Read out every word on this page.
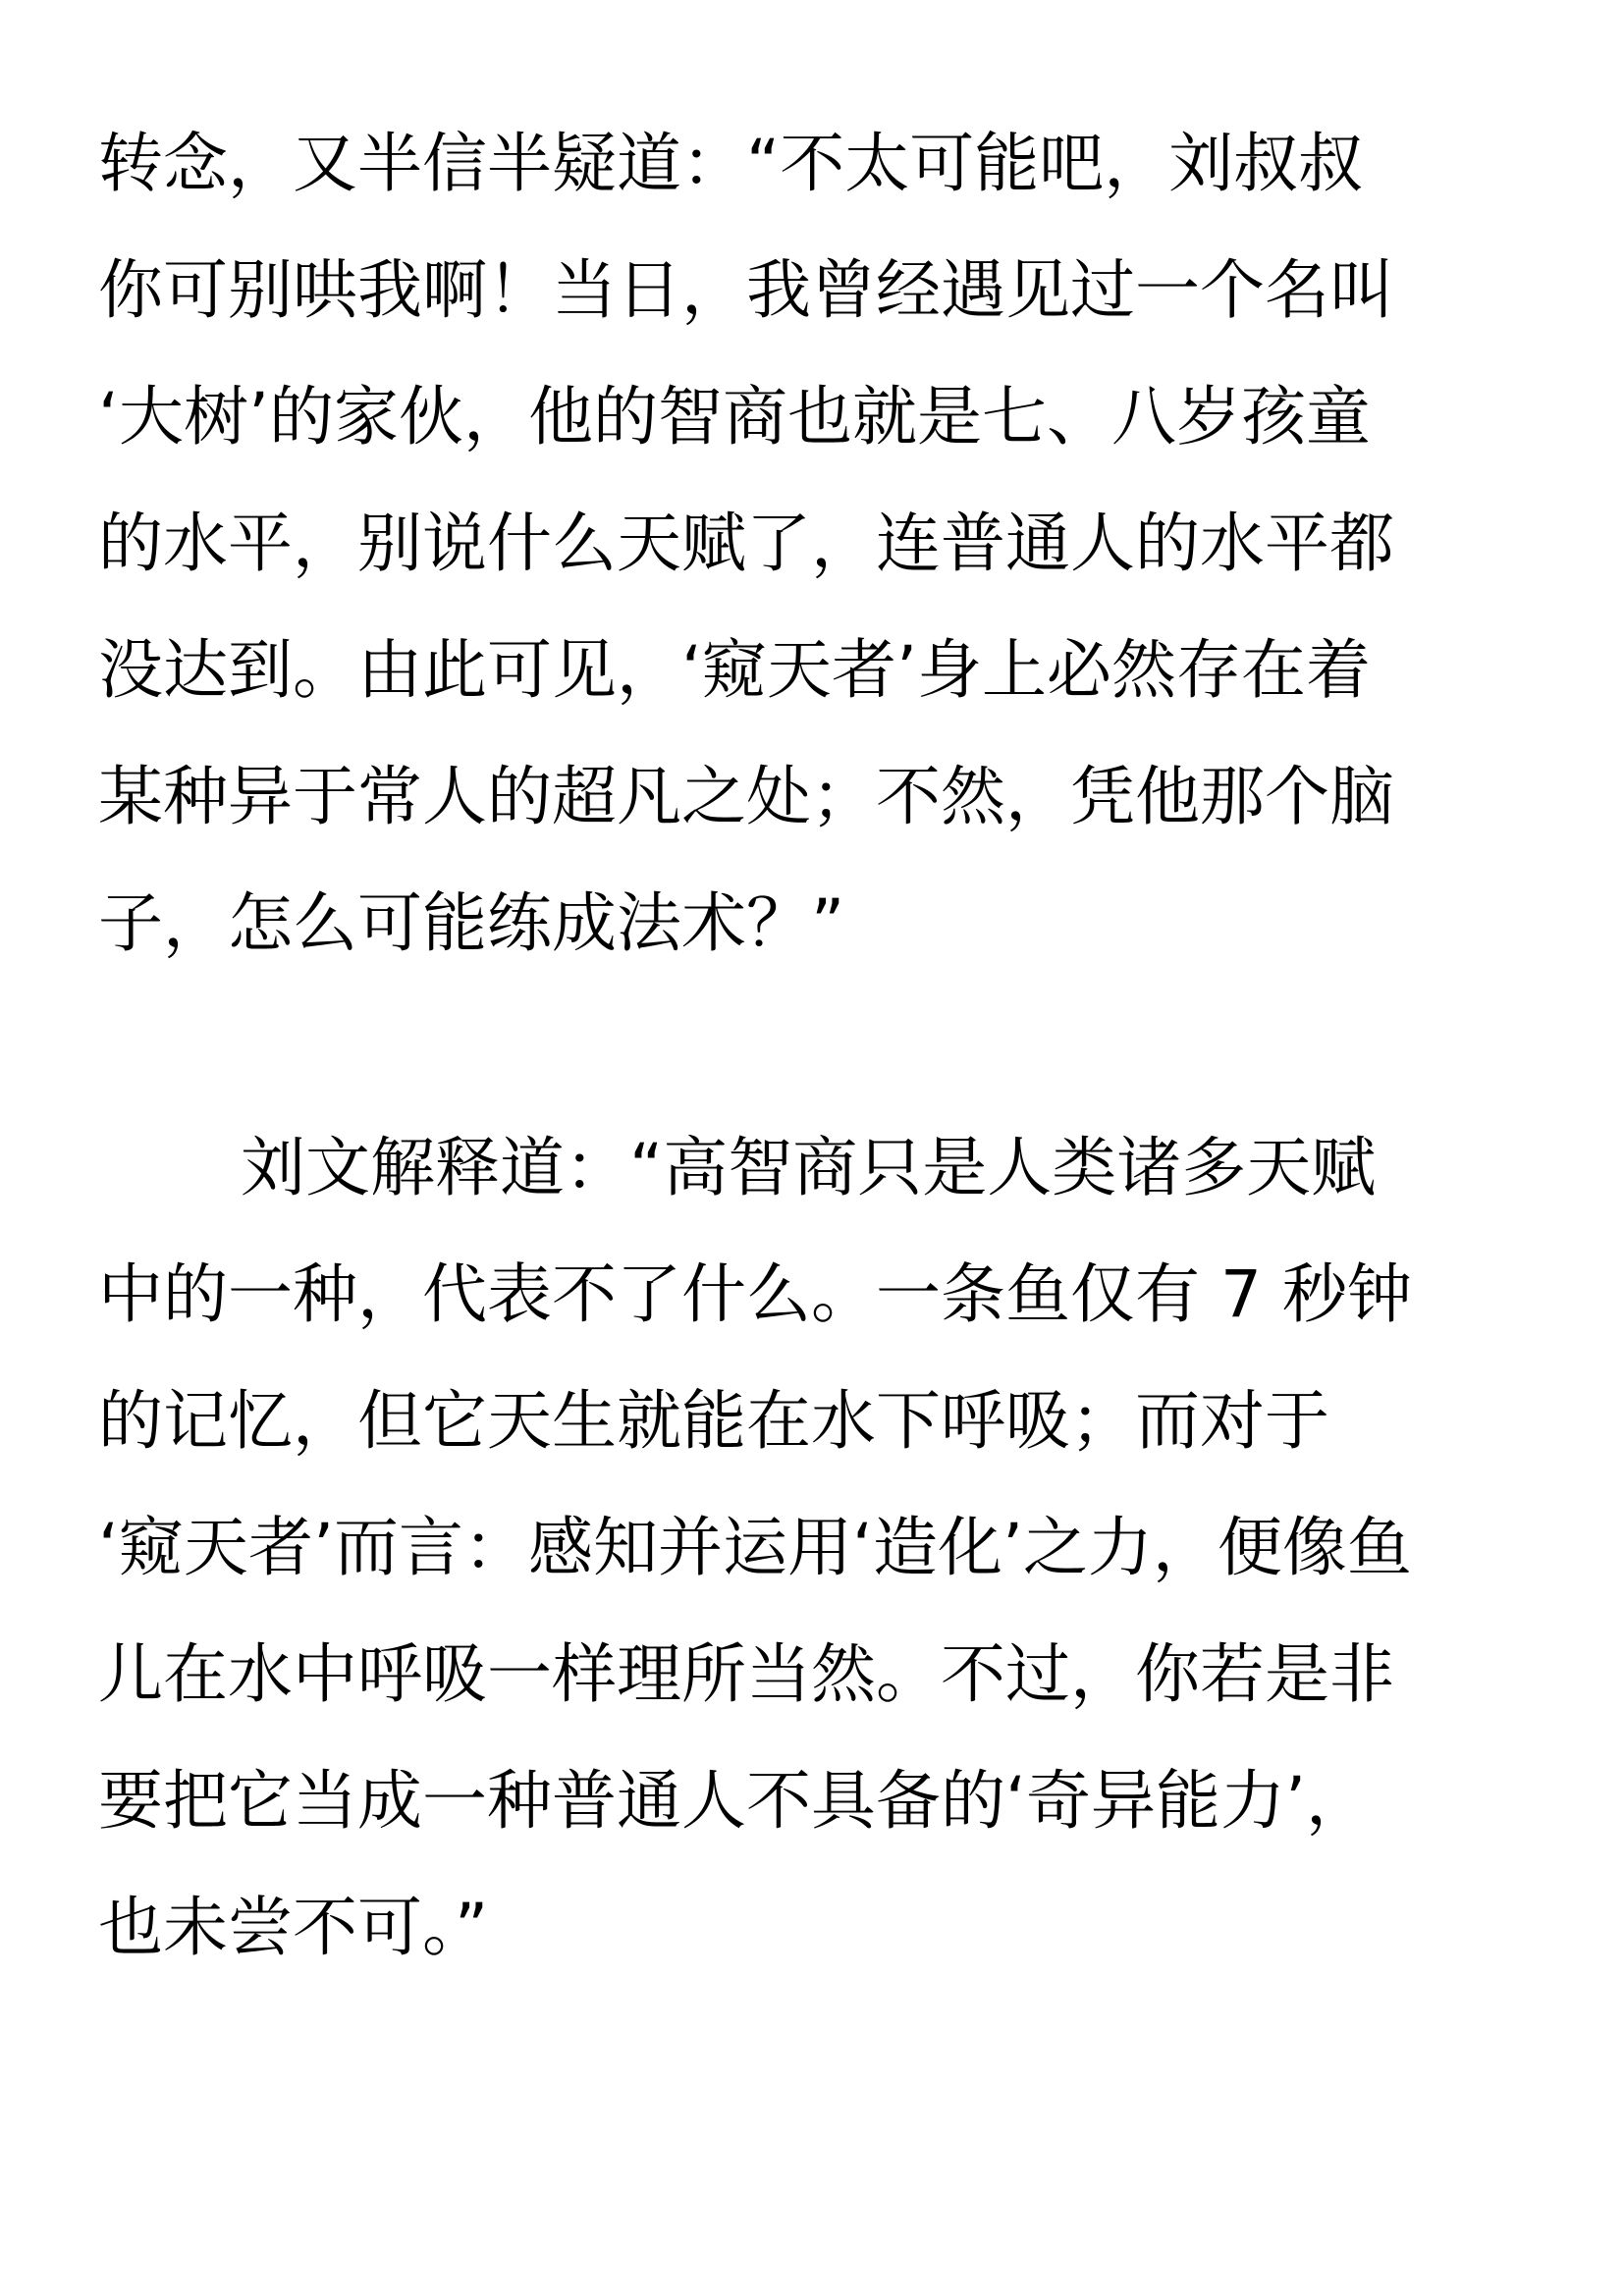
转念，又半信半疑道：“不太可能吧，刘叔叔
你可别哄我啊！当日，我曾经遇见过一个名叫
‘大树’的家伙，他的智商也就是七、八岁孩童
的水平，别说什么天赋了，连普通人的水平都
没达到。由此可见，‘窥天者’身上必然存在着
某种异于常人的超凡之处；不然，凭他那个脑
子，怎么可能练成法术？”
刘文解释道：“高智商只是人类诸多天赋
中的一种，代表不了什么。一条鱼仅有 7 秒钟
的记忆，但它天生就能在水下呼吸；而对于
‘窥天者’而言：感知并运用‘造化’之力，便像鱼
儿在水中呼吸一样理所当然。不过，你若是非
要把它当成一种普通人不具备的‘奇异能力’，
也未尝不可。”
